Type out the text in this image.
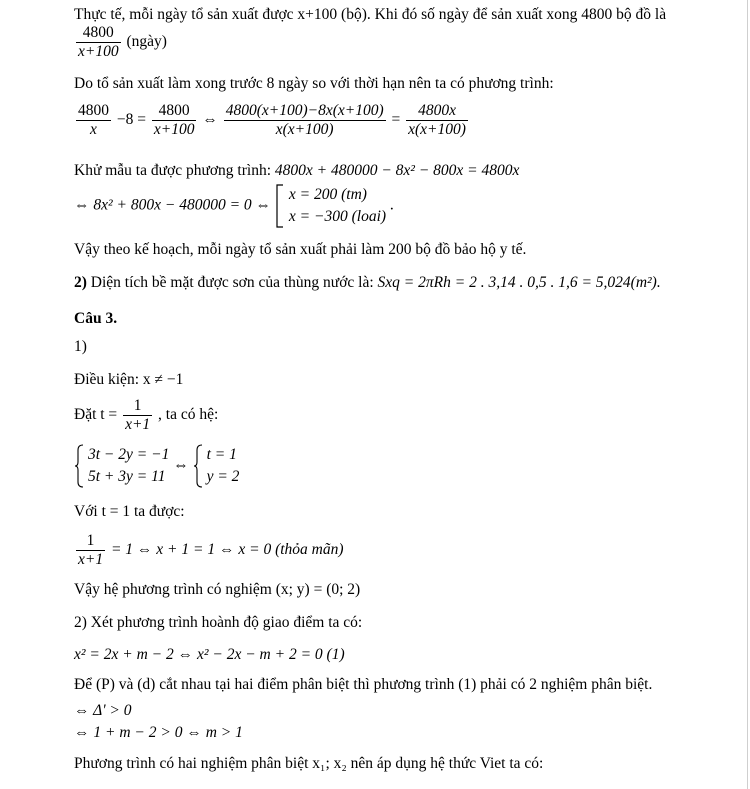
Thực tế, mỗi ngày tổ sản xuất được x+100 (bộ). Khi đó số ngày để sản xuất xong 4800 bộ đồ là
$\frac{4800}{x+100}$ (ngày)
Do tổ sản xuất làm xong trước 8 ngày so với thời hạn nên ta có phương trình:
$\frac{4800}{x} -8 = \frac{4800}{x+100}$ ⇔ $\frac{4800(x+100)-8x(x+100)}{x(x+100)} = \frac{4800x}{x(x+100)}$
Khử mẫu ta được phương trình: 4800x + 480000 − 8x² − 800x = 4800x
⇔ 8x² + 800x − 480000 = 0 ⇔
x = 200 (tm)
x = −300 (loai)
.
Vậy theo kế hoạch, mỗi ngày tổ sản xuất phải làm 200 bộ đồ bảo hộ y tế.
2) Diện tích bề mặt được sơn của thùng nước là: Sxq = 2πRh = 2 . 3,14 . 0,5 . 1,6 = 5,024(m²).
Câu 3.
1)
Điều kiện: x ≠ −1
Đặt $t = \frac{1}{x+1}$ , ta có hệ:
3t − 2y = −1
5t + 3y = 11
⇔
t = 1
y = 2
Với t = 1 ta được:
$\frac{1}{x+1} = 1$ ⇔ x + 1 = 1 ⇔ x = 0 (thỏa mãn)
Vậy hệ phương trình có nghiệm (x; y) = (0; 2)
2) Xét phương trình hoành độ giao điểm ta có:
x² = 2x + m − 2 ⇔ x² − 2x − m + 2 = 0 (1)
Để (P) và (d) cắt nhau tại hai điểm phân biệt thì phương trình (1) phải có 2 nghiệm phân biệt.
⇔ Δ' > 0
⇔ 1 + m − 2 > 0 ⇔ m > 1
Phương trình có hai nghiệm phân biệt x₁; x₂ nên áp dụng hệ thức Viet ta có:
